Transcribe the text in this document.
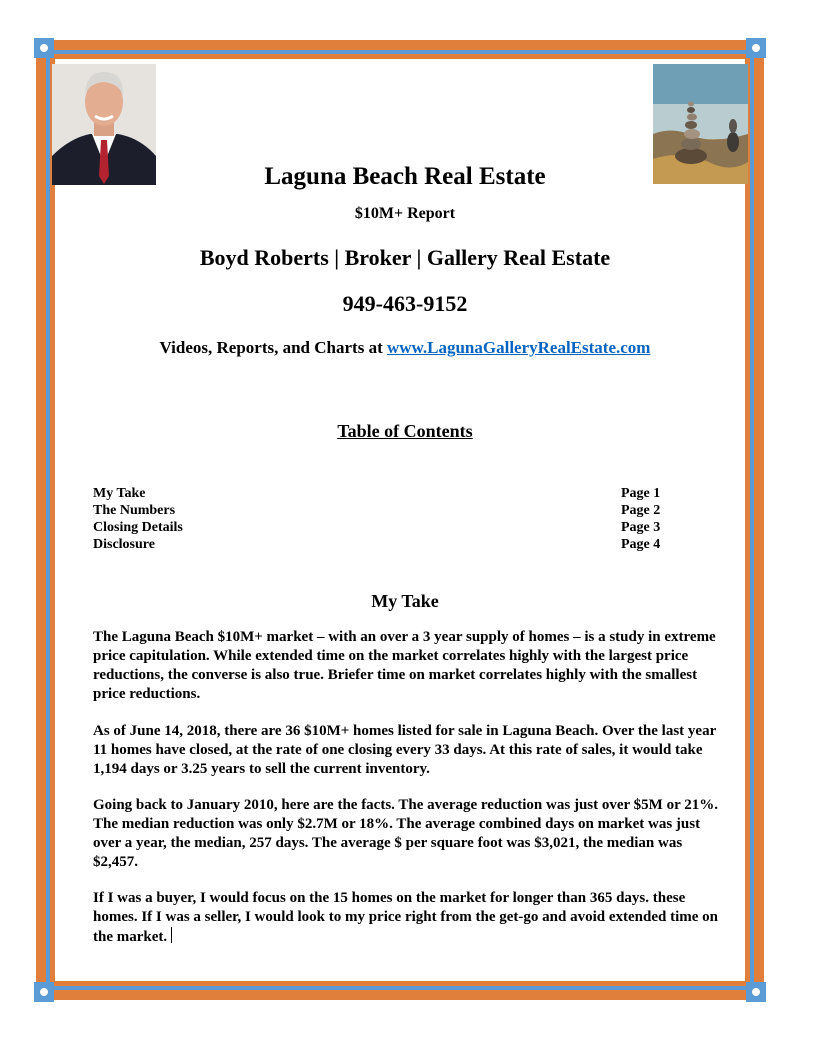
Laguna Beach Real Estate
$10M+ Report
Boyd Roberts | Broker | Gallery Real Estate
949-463-9152
Videos, Reports, and Charts at www.LagunaGalleryRealEstate.com
Table of Contents
My Take	Page 1
The Numbers	Page 2
Closing Details	Page 3
Disclosure	Page 4
My Take
The Laguna Beach $10M+ market – with an over a 3 year supply of homes – is a study in extreme price capitulation. While extended time on the market correlates highly with the largest price reductions, the converse is also true. Briefer time on market correlates highly with the smallest price reductions.
As of June 14, 2018, there are 36 $10M+ homes listed for sale in Laguna Beach. Over the last year 11 homes have closed, at the rate of one closing every 33 days. At this rate of sales, it would take 1,194 days or 3.25 years to sell the current inventory.
Going back to January 2010, here are the facts. The average reduction was just over $5M or 21%. The median reduction was only $2.7M or 18%. The average combined days on market was just over a year, the median, 257 days. The average $ per square foot was $3,021, the median was $2,457.
If I was a buyer, I would focus on the 15 homes on the market for longer than 365 days. these homes. If I was a seller, I would look to my price right from the get-go and avoid extended time on the market.
